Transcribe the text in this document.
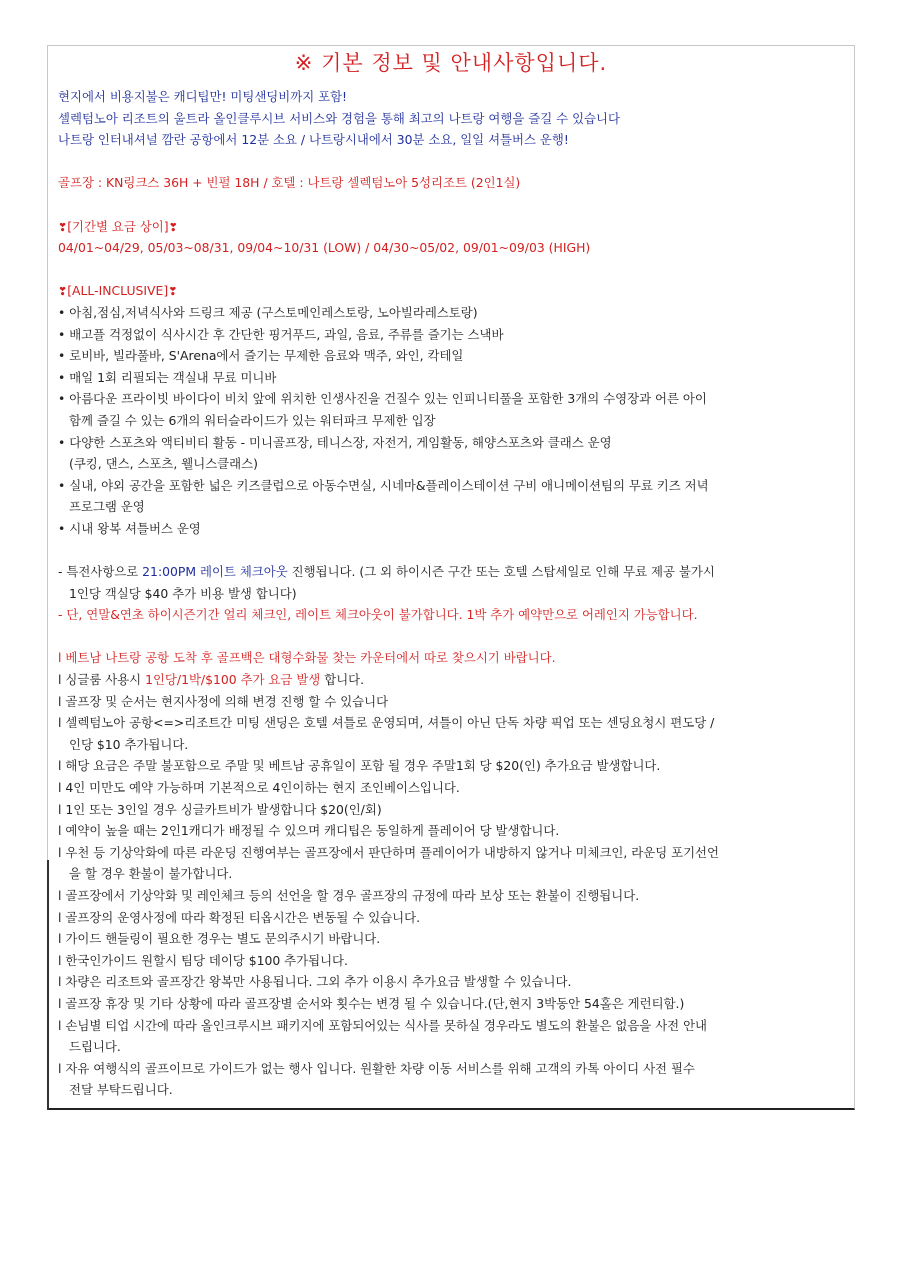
※ 기본 정보 및 안내사항입니다.
현지에서 비용지불은 캐디팁만! 미팅샌딩비까지 포함!
셀렉텀노아 리조트의 울트라 올인클루시브 서비스와 경험을 통해 최고의 나트랑 여행을 즐길 수 있습니다
나트랑 인터내셔널 깜란 공항에서 12분 소요 / 나트랑시내에서 30분 소요, 일일 셔틀버스 운행!
골프장 : KN링크스 36H + 빈펄 18H / 호텔 : 나트랑 셀렉텀노아 5성리조트 (2인1실)
❣[기간별 요금 상이]❣
04/01~04/29, 05/03~08/31, 09/04~10/31 (LOW) / 04/30~05/02, 09/01~09/03 (HIGH)
❣[ALL-INCLUSIVE]❣
• 아침,점심,저녁식사와 드링크 제공 (구스토메인레스토랑, 노아빌라레스토랑)
• 배고플 걱정없이 식사시간 후 간단한 핑거푸드, 과일, 음료, 주류를 즐기는 스낵바
• 로비바, 빌라풀바, S'Arena에서 즐기는 무제한 음료와 맥주, 와인, 칵테일
• 매일 1회 리필되는 객실내 무료 미니바
• 아름다운 프라이빗 바이다이 비치 앞에 위치한 인생사진을 건질수 있는 인피니티풀을 포함한 3개의 수영장과 어른 아이
함께 즐길 수 있는 6개의 워터슬라이드가 있는 워터파크 무제한 입장
• 다양한 스포츠와 액티비티 활동 - 미니골프장, 테니스장, 자전거, 게임활동, 해양스포츠와 클래스 운영
(쿠킹, 댄스, 스포츠, 웰니스클래스)
• 실내, 야외 공간을 포함한 넓은 키즈클럽으로 아동수면실, 시네마&플레이스테이션 구비 애니메이션팀의 무료 키즈 저녁
프로그램 운영
• 시내 왕복 셔틀버스 운영
- 특전사항으로 21:00PM 레이트 체크아웃 진행됩니다. (그 외 하이시즌 구간 또는 호텔 스탑세일로 인해 무료 제공 불가시
1인당 객실당 $40 추가 비용 발생 합니다)
- 단, 연말&연초 하이시즌기간 얼리 체크인, 레이트 체크아웃이 불가합니다. 1박 추가 예약만으로 어레인지 가능합니다.
l 베트남 나트랑 공항 도착 후 골프백은 대형수화물 찾는 카운터에서 따로 찾으시기 바랍니다.
l 싱글룸 사용시 1인당/1박/$100 추가 요금 발생 합니다.
l 골프장 및 순서는 현지사정에 의해 변경 진행 할 수 있습니다
l 셀렉텀노아 공항<=>리조트간 미팅 샌딩은 호텔 셔틀로 운영되며, 셔틀이 아닌 단독 차량 픽업 또는 센딩요청시 편도당 /
인당 $10 추가됩니다.
l 해당 요금은 주말 불포함으로 주말 및 베트남 공휴일이 포함 될 경우 주말1회 당 $20(인) 추가요금 발생합니다.
l 4인 미만도 예약 가능하며 기본적으로 4인이하는 현지 조인베이스입니다.
l 1인 또는 3인일 경우 싱글카트비가 발생합니다 $20(인/회)
l 예약이 높을 때는 2인1캐디가 배정될 수 있으며 캐디팁은 동일하게 플레이어 당 발생합니다.
l 우천 등 기상악화에 따른 라운딩 진행여부는 골프장에서 판단하며 플레이어가 내방하지 않거나 미체크인, 라운딩 포기선언
을 할 경우 환불이 불가합니다.
l 골프장에서 기상악화 및 레인체크 등의 선언을 할 경우 골프장의 규정에 따라 보상 또는 환불이 진행됩니다.
l 골프장의 운영사정에 따라 확정된 티옵시간은 변동될 수 있습니다.
l 가이드 핸들링이 필요한 경우는 별도 문의주시기 바랍니다.
l 한국인가이드 원할시 팀당 데이당 $100 추가됩니다.
l 차량은 리조트와 골프장간 왕복만 사용됩니다. 그외 추가 이용시 추가요금 발생할 수 있습니다.
l 골프장 휴장 및 기타 상황에 따라 골프장별 순서와 횟수는 변경 될 수 있습니다.(단,현지 3박동안 54홀은 게런티함.)
l 손님별 티업 시간에 따라 올인크루시브 패키지에 포함되어있는 식사를 못하실 경우라도 별도의 환불은 없음을 사전 안내
드립니다.
l 자유 여행식의 골프이므로 가이드가 없는 행사 입니다. 원활한 차량 이동 서비스를 위해 고객의 카톡 아이디 사전 필수
전달 부탁드립니다.
